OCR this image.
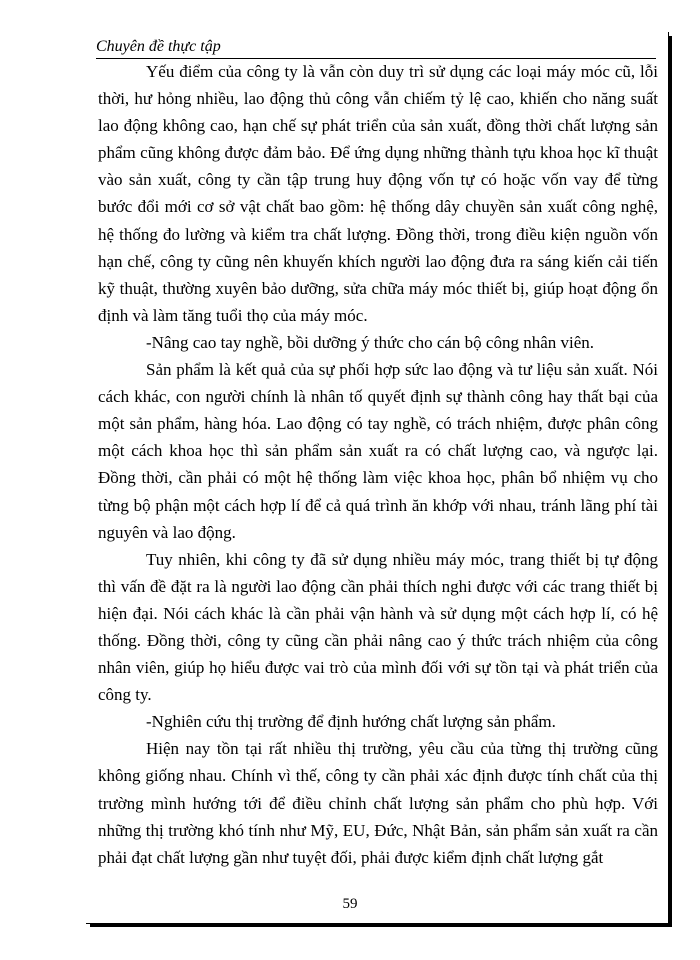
Chuyên đề thực tập

Yếu điểm của công ty là vẫn còn duy trì sử dụng các loại máy móc cũ, lỗi thời, hư hỏng nhiều, lao động thủ công vẫn chiếm tỷ lệ cao, khiến cho năng suất lao động không cao, hạn chế sự phát triển của sản xuất, đồng thời chất lượng sản phẩm cũng không được đảm bảo. Để ứng dụng những thành tựu khoa học kĩ thuật vào sản xuất, công ty cần tập trung huy động vốn tự có hoặc vốn vay để từng bước đổi mới cơ sở vật chất bao gồm: hệ thống dây chuyền sản xuất công nghệ, hệ thống đo lường và kiểm tra chất lượng. Đồng thời, trong điều kiện nguồn vốn hạn chế, công ty cũng nên khuyến khích người lao động đưa ra sáng kiến cải tiến kỹ thuật, thường xuyên bảo dưỡng, sửa chữa máy móc thiết bị, giúp hoạt động ổn định và làm tăng tuổi thọ của máy móc.

-Nâng cao tay nghề, bồi dưỡng ý thức cho cán bộ công nhân viên.

Sản phẩm là kết quả của sự phối hợp sức lao động và tư liệu sản xuất. Nói cách khác, con người chính là nhân tố quyết định sự thành công hay thất bại của một sản phẩm, hàng hóa. Lao động có tay nghề, có trách nhiệm, được phân công một cách khoa học thì sản phẩm sản xuất ra có chất lượng cao, và ngược lại. Đồng thời, cần phải có một hệ thống làm việc khoa học, phân bổ nhiệm vụ cho từng bộ phận một cách hợp lí để cả quá trình ăn khớp với nhau, tránh lãng phí tài nguyên và lao động.

Tuy nhiên, khi công ty đã sử dụng nhiều máy móc, trang thiết bị tự động thì vấn đề đặt ra là người lao động cần phải thích nghi được với các trang thiết bị hiện đại. Nói cách khác là cần phải vận hành và sử dụng một cách hợp lí, có hệ thống. Đồng thời, công ty cũng cần phải nâng cao ý thức trách nhiệm của công nhân viên, giúp họ hiểu được vai trò của mình đối với sự tồn tại và phát triển của công ty.

-Nghiên cứu thị trường để định hướng chất lượng sản phẩm.

Hiện nay tồn tại rất nhiều thị trường, yêu cầu của từng thị trường cũng không giống nhau. Chính vì thế, công ty cần phải xác định được tính chất của thị trường mình hướng tới để điều chỉnh chất lượng sản phẩm cho phù hợp. Với những thị trường khó tính như Mỹ, EU, Đức, Nhật Bản, sản phẩm sản xuất ra cần phải đạt chất lượng gần như tuyệt đối, phải được kiểm định chất lượng gắt

59
